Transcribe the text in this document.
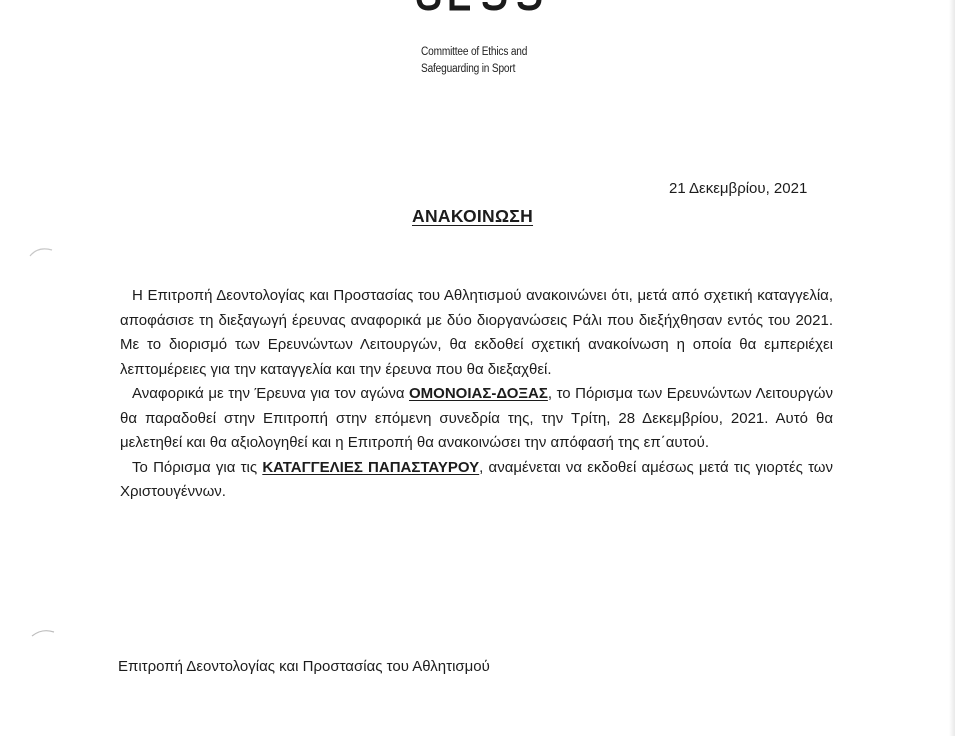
Committee of Ethics and
Safeguarding in Sport
21 Δεκεμβρίου, 2021
ΑΝΑΚΟΙΝΩΣΗ

Η Επιτροπή Δεοντολογίας και Προστασίας του Αθλητισμού ανακοινώνει ότι, μετά από σχετική καταγγελία, αποφάσισε τη διεξαγωγή έρευνας αναφορικά με δύο διοργανώσεις Ράλι που διεξήχθησαν εντός του 2021. Με το διορισμό των Ερευνώντων Λειτουργών, θα εκδοθεί σχετική ανακοίνωση η οποία θα εμπεριέχει λεπτομέρειες για την καταγγελία και την έρευνα που θα διεξαχθεί.

Αναφορικά με την Έρευνα για τον αγώνα ΟΜΟΝΟΙΑΣ-ΔΟΞΑΣ, το Πόρισμα των Ερευνώντων Λειτουργών θα παραδοθεί στην Επιτροπή στην επόμενη συνεδρία της, την Τρίτη, 28 Δεκεμβρίου, 2021. Αυτό θα μελετηθεί και θα αξιολογηθεί και η Επιτροπή θα ανακοινώσει την απόφασή της επ΄αυτού.

Το Πόρισμα για τις ΚΑΤΑΓΓΕΛΙΕΣ ΠΑΠΑΣΤΑΥΡΟΥ, αναμένεται να εκδοθεί αμέσως μετά τις γιορτές των Χριστουγέννων.

Επιτροπή Δεοντολογίας και Προστασίας του Αθλητισμού
